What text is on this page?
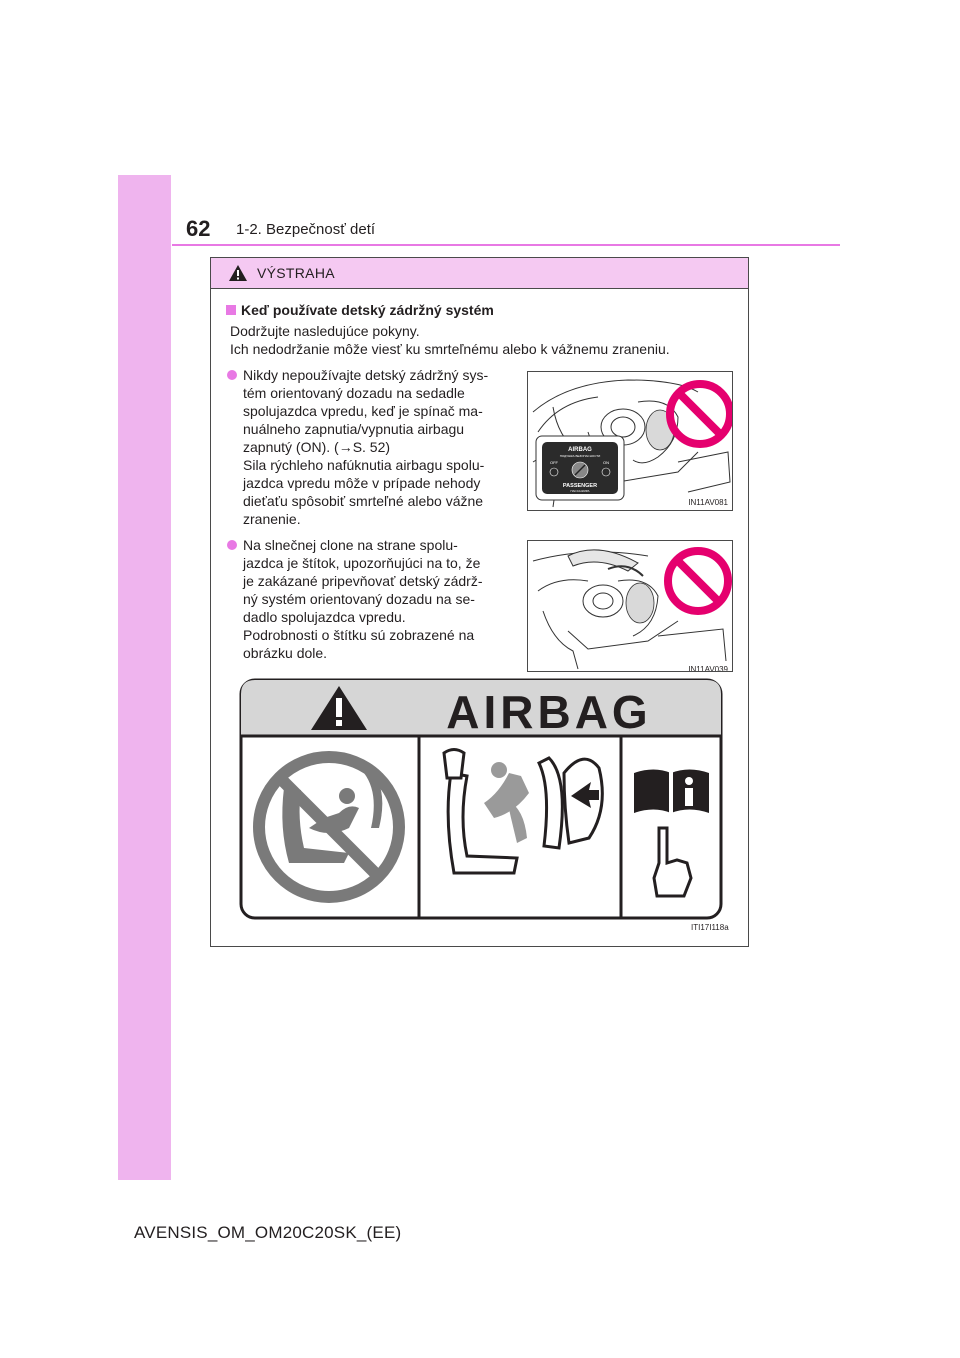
62 1-2. Bezpečnosť detí
VÝSTRAHA
Keď používate detský zádržný systém
Dodržujte nasledujúce pokyny.
Ich nedodržanie môže viesť ku smrteľnému alebo k vážnemu zraneniu.
Nikdy nepoužívajte detský zádržný sys-
tém orientovaný dozadu na sedadle
spolujazdca vpredu, keď je spínač ma-
nuálneho zapnutia/vypnutia airbagu
zapnutý (ON). (→S. 52)
Sila rýchleho nafúknutia airbagu spolu-
jazdca vpredu môže v prípade nehody
dieťaťu spôsobiť smrteľné alebo vážne
zranenie.
Na slnečnej clone na strane spolu-
jazdca je štítok, upozorňujúci na to, že
je zakázané pripevňovať detský zádrž-
ný systém orientovaný dozadu na se-
dadlo spolujazdca vpredu.
Podrobnosti o štítku sú zobrazené na
obrázku dole.
AIRBAG
ПОДУШКА БЕЗОПАСНОСТИ
OFF	ON
PASSENGER
ПАССАЖИРА
IN11AV081
IN11AV039
AIRBAG
ITI17I118a
AVENSIS_OM_OM20C20SK_(EE)
